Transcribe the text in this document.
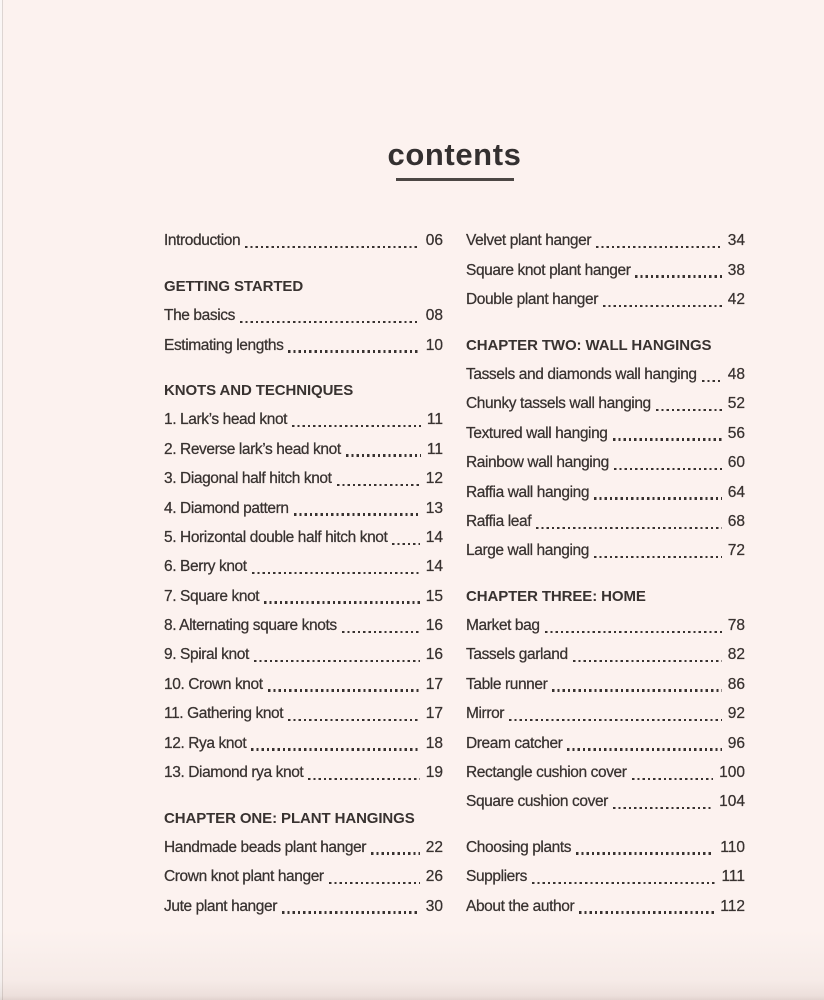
contents
Introduction	06
GETTING STARTED
The basics	08
Estimating lengths	10
KNOTS AND TECHNIQUES
1. Lark’s head knot	11
2. Reverse lark’s head knot	11
3. Diagonal half hitch knot	12
4. Diamond pattern	13
5. Horizontal double half hitch knot 14
6. Berry knot	14
7. Square knot	15
8. Alternating square knots	16
9. Spiral knot	16
10. Crown knot	17
11. Gathering knot	17
12. Rya knot	18
13. Diamond rya knot	19
CHAPTER ONE: PLANT HANGINGS
Handmade beads plant hanger	22
Crown knot plant hanger	26
Jute plant hanger	30
Velvet plant hanger	34
Square knot plant hanger	38
Double plant hanger	42
CHAPTER TWO: WALL HANGINGS
Tassels and diamonds wall hanging 48
Chunky tassels wall hanging	52
Textured wall hanging	56
Rainbow wall hanging	60
Raffia wall hanging	64
Raffia leaf	68
Large wall hanging	72
CHAPTER THREE: HOME
Market bag	78
Tassels garland	82
Table runner	86
Mirror	92
Dream catcher	96
Rectangle cushion cover	100
Square cushion cover	104
Choosing plants	110
Suppliers	111
About the author	112
